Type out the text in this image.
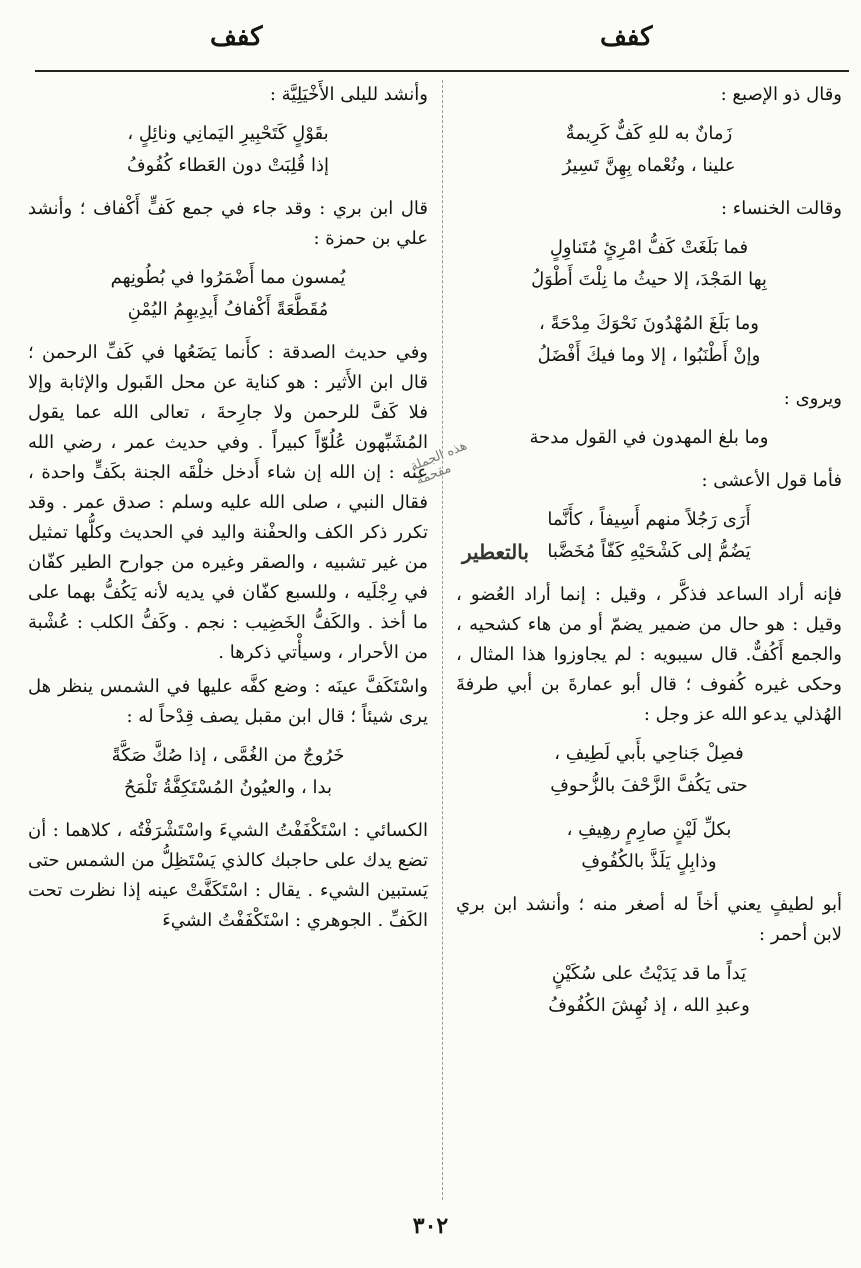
كفف
كفف

وقال ذو الإصبع :

زَمانٌ به للهِ كَفٌّ كَرِيمةٌ
علينا ، ونُعْماه بِهِنَّ تَسِيرُ

وقالت الخنساء :

فما بَلَغَتْ كَفُّ امْرِئٍ مُتَناوِلٍ
بِها المَجْدَ، إلا حيثُ ما نِلْتَ أَطْوَلُ
وما بَلَغَ المُهْدُونَ نَحْوَكَ مِدْحَةً ،
وإنْ أَطْنَبُوا ، إلا وما فيكَ أَفْضَلُ

ويروى :

وما بلغ المهدون في القول مدحة

فأما قول الأعشى :

أَرَى رَجُلاً منهم أَسِيفاً ، كأَنَّما
يَضُمُّ إلى كَشْحَيْهِ كَفّاً مُخَضَّبا

فإنه أراد الساعد فذكَّر ، وقيل : إنما أراد العُضو ، وقيل : هو حال من ضمير يضمّ أو من هاء كشحيه ، والجمع أَكُفٌّ. قال سيبويه : لم يجاوزوا هذا المثال ، وحكى غيره كُفوف ؛ قال أبو عمارةَ بن أبي طرفةَ الهُذلي يدعو الله عز وجل :

فصِلْ جَناحِي بأَبي لَطِيفِ ،
حتى يَكُفَّ الزَّحْفَ بالزُّحوفِ
بكلِّ لَيْنٍ صارِمٍ رهِيفِ ،
وذابِلٍ يَلَذَّ بالكُفُوفِ

أبو لطيفٍ يعني أخاً له أصغر منه ؛ وأنشد ابن بري لابن أحمر :

يَداً ما قد يَدَيْتُ على سُكَيْنٍ
وعبدِ الله ، إذ نُهِشَ الكُفُوفُ

وأنشد لليلى الأَخْيَلِيَّة :

بقَوْلٍ كَتَحْبِيرِ اليَمانِي ونائِلٍ ،
إذا قُلِبَتْ دون العَطاء كُفُوفُ

قال ابن بري : وقد جاء في جمع كَفٍّ أَكْفاف ؛ وأنشد علي بن حمزة :

يُمسون مما أَضْمَرُوا في بُطُونِهم
مُقَطَّعَةً أَكْفافُ أَيدِيهِمُ اليُمْنِ

وفي حديث الصدقة : كأَنما يَضَعُها في كَفِّ الرحمن ؛ قال ابن الأَثير : هو كناية عن محل القَبول والإثابة وإلا فلا كَفَّ للرحمن ولا جارِحةَ ، تعالى الله عما يقول المُشَبِّهون عُلُوّاً كبيراً . وفي حديث عمر ، رضي الله عنه : إن الله إن شاء أَدخل خلْقَه الجنة بكَفٍّ واحدة ، فقال النبي ، صلى الله عليه وسلم : صدق عمر . وقد تكرر ذكر الكف والحفْنة واليد في الحديث وكلُّها تمثيل من غير تشبيه ، والصقر وغيره من جوارح الطير كفّان في رِجْلَيه ، وللسبع كفّان في يديه لأنه يَكُفُّ بهما على ما أخذ . والكَفُّ الخَضِيب : نجم . وكَفُّ الكلب : عُشْبة من الأحرار ، وسيأْتي ذكرها .

واسْتَكَفَّ عينَه : وضع كفَّه عليها في الشمس ينظر هل يرى شيئاً ؛ قال ابن مقبل يصف قِدْحاً له :

خَرُوجٌ من الغُمَّى ، إذا صُكَّ صَكَّةً
بدا ، والعيُونُ المُسْتَكِفَّةُ تَلْمَحُ

الكسائي : اسْتَكْفَفْتُ الشيءَ واسْتَشْرَفْتُه ، كلاهما : أن تضع يدك على حاجبك كالذي يَسْتَظِلُّ من الشمس حتى يَستبين الشيء . يقال : اسْتَكَفَّتْ عينه إذا نظرت تحت الكَفِّ . الجوهري : اسْتَكْفَفْتُ الشيءَ

هذه الجملة مقحمة
بالتعطير
٣٠٢
